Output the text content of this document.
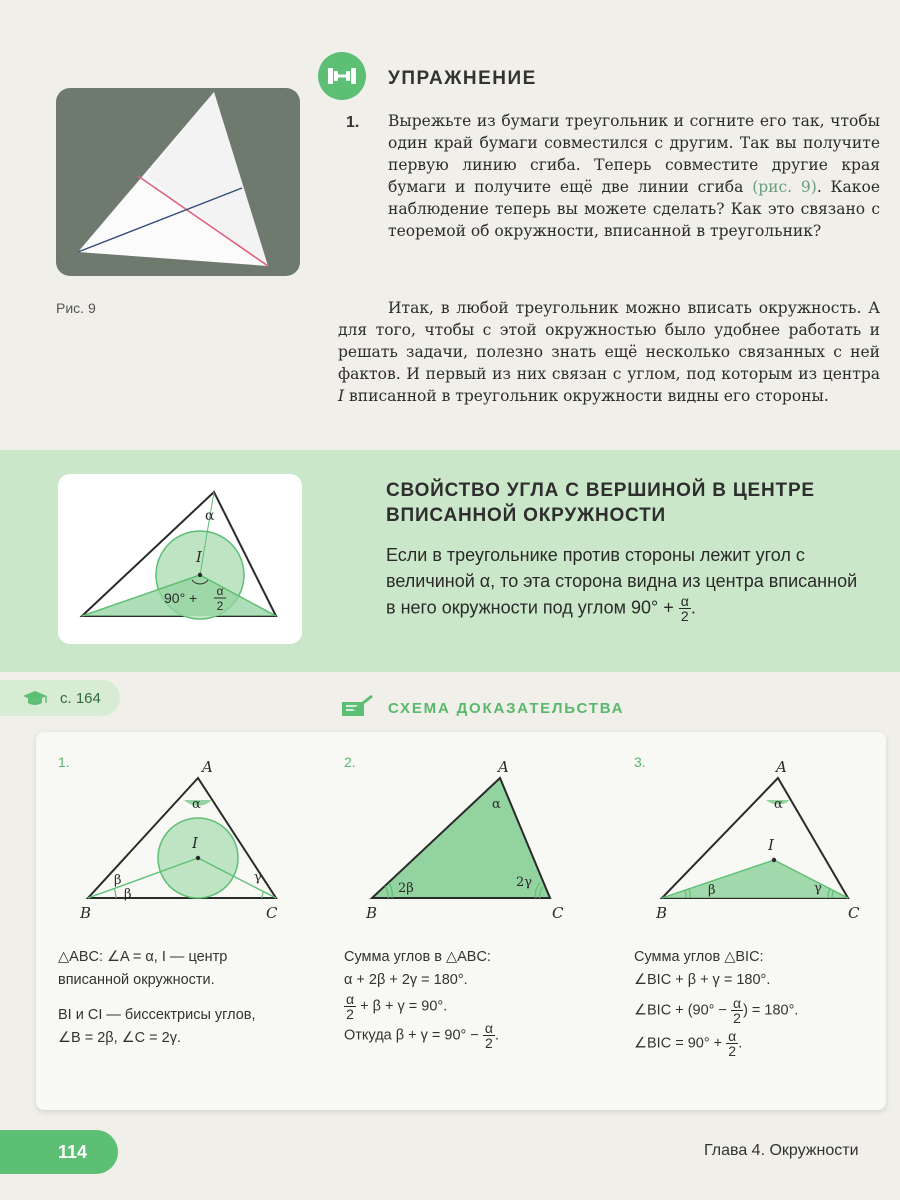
Рис. 9
УПРАЖНЕНИЕ
1. Вырежьте из бумаги треугольник и согните его так, чтобы один край бумаги совместился с другим. Так вы получите первую линию сгиба. Теперь совместите другие края бумаги и получите ещё две линии сгиба (рис. 9). Какое наблюдение теперь вы можете сделать? Как это связано с теоремой об окружности, вписанной в треугольник?
Итак, в любой треугольник можно вписать окружность. А для того, чтобы с этой окружностью было удобнее работать и решать задачи, полезно знать ещё несколько связанных с ней фактов. И первый из них связан с углом, под которым из центра I вписанной в треугольник окружности видны его стороны.
α
I
90° + α
2
СВОЙСТВО УГЛА С ВЕРШИНОЙ В ЦЕНТРЕ ВПИСАННОЙ ОКРУЖНОСТИ
Если в треугольнике против стороны лежит угол с величиной α, то эта сторона видна из центра вписанной в него окружности под углом $90^\circ + \frac{\alpha}{2}$ .
с. 164
СХЕМА ДОКАЗАТЕЛЬСТВА
1.	A
B	C
I
α
β
β
γ
△ABC: ∠A = α, I — центр
вписанной окружности.
BI и CI — биссектрисы углов,
∠B = 2β, ∠C = 2γ.
2.	A
B	C
α
2β	2γ
Сумма углов в △ABC:
α + 2β + 2γ = 180°.
$\frac{\alpha}{2} + \beta + \gamma = 90^\circ$.
Откуда $\beta + \gamma = 90^\circ - \frac{\alpha}{2}$ .
3.	A
B	C
I
α
β	γ
Сумма углов △BIC:
∠BIC + β + γ = 180°.
∠BIC + ($90^\circ - \frac{\alpha}{2}$ ) = 180°.
∠BIC = $90^\circ + \frac{\alpha}{2}$ .
114	Глава 4. Окружности
